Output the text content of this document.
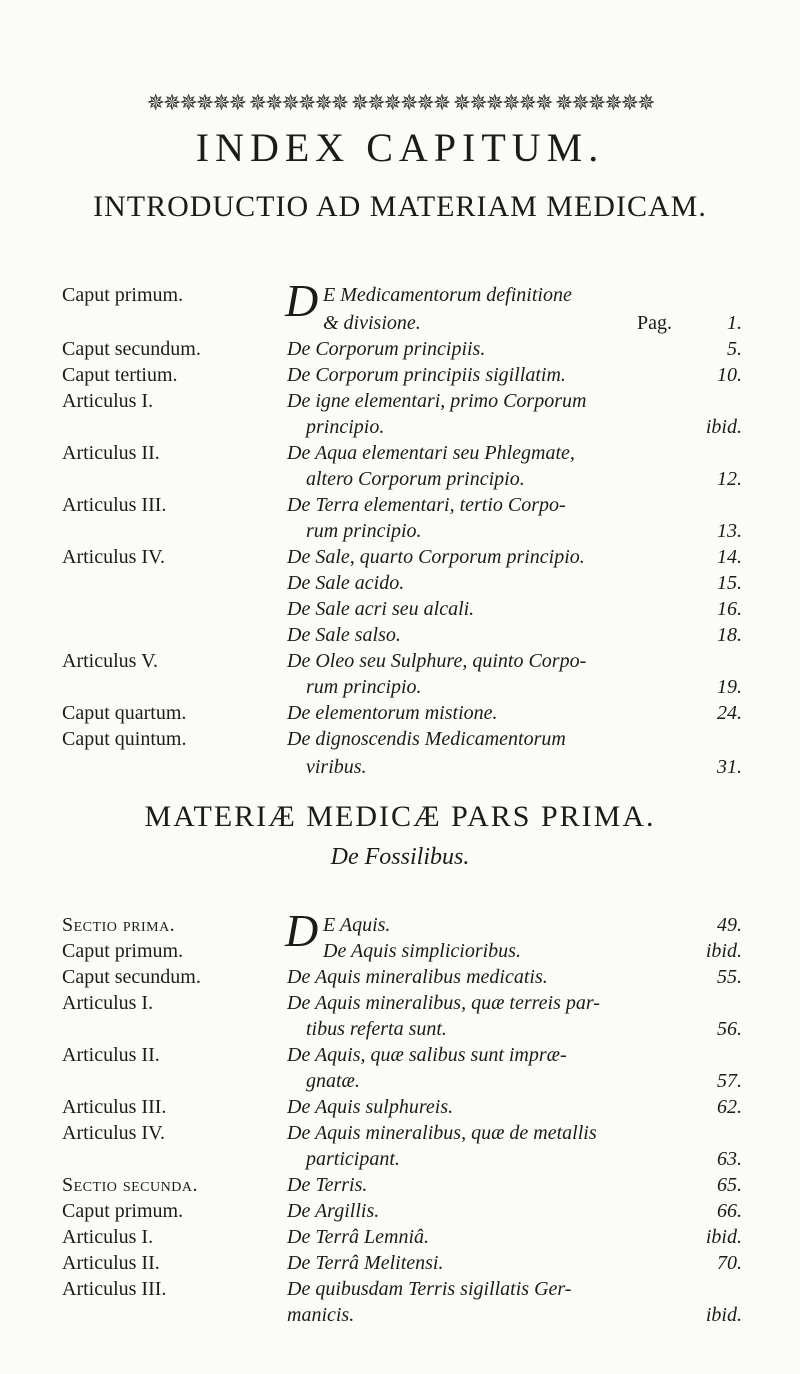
✵✵✵✵✵✵ ✵✵✵✵✵✵ ✵✵✵✵✵✵ ✵✵✵✵✵✵ ✵✵✵✵✵✵
INDEX CAPITUM.
INTRODUCTIO AD MATERIAM MEDICAM.
D
Caput primum.	E Medicamentorum definitione
& divisione.	Pag.	1.
Caput secundum.	De Corporum principiis.	5.
Caput tertium.	De Corporum principiis sigillatim.	10.
Articulus I.	De igne elementari, primo Corporum
principio.	ibid.
Articulus II.	De Aqua elementari seu Phlegmate,
altero Corporum principio.	12.
Articulus III.	De Terra elementari, tertio Corpo-
rum principio.	13.
Articulus IV.	De Sale, quarto Corporum principio.	14.
De Sale acido.	15.
De Sale acri seu alcali.	16.
De Sale salso.	18.
Articulus V.	De Oleo seu Sulphure, quinto Corpo-
rum principio.	19.
Caput quartum.	De elementorum mistione.	24.
Caput quintum.	De dignoscendis Medicamentorum
viribus.	31.
MATERIÆ MEDICÆ PARS PRIMA.
De Fossilibus.
D
Sectio prima.	E Aquis.	49.
Caput primum.	De Aquis simplicioribus.	ibid.
Caput secundum.	De Aquis mineralibus medicatis.	55.
Articulus I.	De Aquis mineralibus, quæ terreis par-
tibus referta sunt.	56.
Articulus II.	De Aquis, quæ salibus sunt impræ-
gnatæ.	57.
Articulus III.	De Aquis sulphureis.	62.
Articulus IV.	De Aquis mineralibus, quæ de metallis
participant.	63.
Sectio secunda.	De Terris.	65.
Caput primum.	De Argillis.	66.
Articulus I.	De Terrâ Lemniâ.	ibid.
Articulus II.	De Terrâ Melitensi.	70.
Articulus III.	De quibusdam Terris sigillatis Ger-
manicis.	ibid.
